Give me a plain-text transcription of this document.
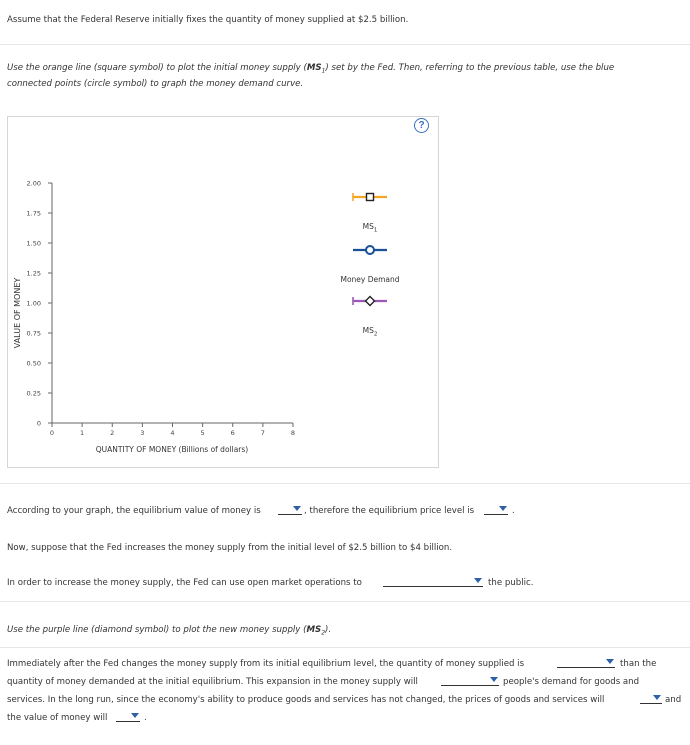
Assume that the Federal Reserve initially fixes the quantity of money supplied at $2.5 billion.
Use the orange line (square symbol) to plot the initial money supply $(MS_1)$ set by the Fed. Then, referring to the previous table, use the blue
connected points (circle symbol) to graph the money demand curve.
?
VALUE OF MONEY
QUANTITY OF MONEY (Billions of dollars)
0
0.25
0.50
0.75
1.00
1.25
1.50
1.75
2.00
0	1	2	3	4	5	6	7	8
$MS_1$
Money Demand
$MS_2$
According to your graph, the equilibrium value of money is	, therefore the equilibrium price level is	.
Now, suppose that the Fed increases the money supply from the initial level of $2.5 billion to $4 billion.
In order to increase the money supply, the Fed can use open market operations to	the public.
Use the purple line (diamond symbol) to plot the new money supply $(MS_2)$.
Immediately after the Fed changes the money supply from its initial equilibrium level, the quantity of money supplied is	than the
quantity of money demanded at the initial equilibrium. This expansion in the money supply will	people's demand for goods and
services. In the long run, since the economy's ability to produce goods and services has not changed, the prices of goods and services will	and
the value of money will	.
